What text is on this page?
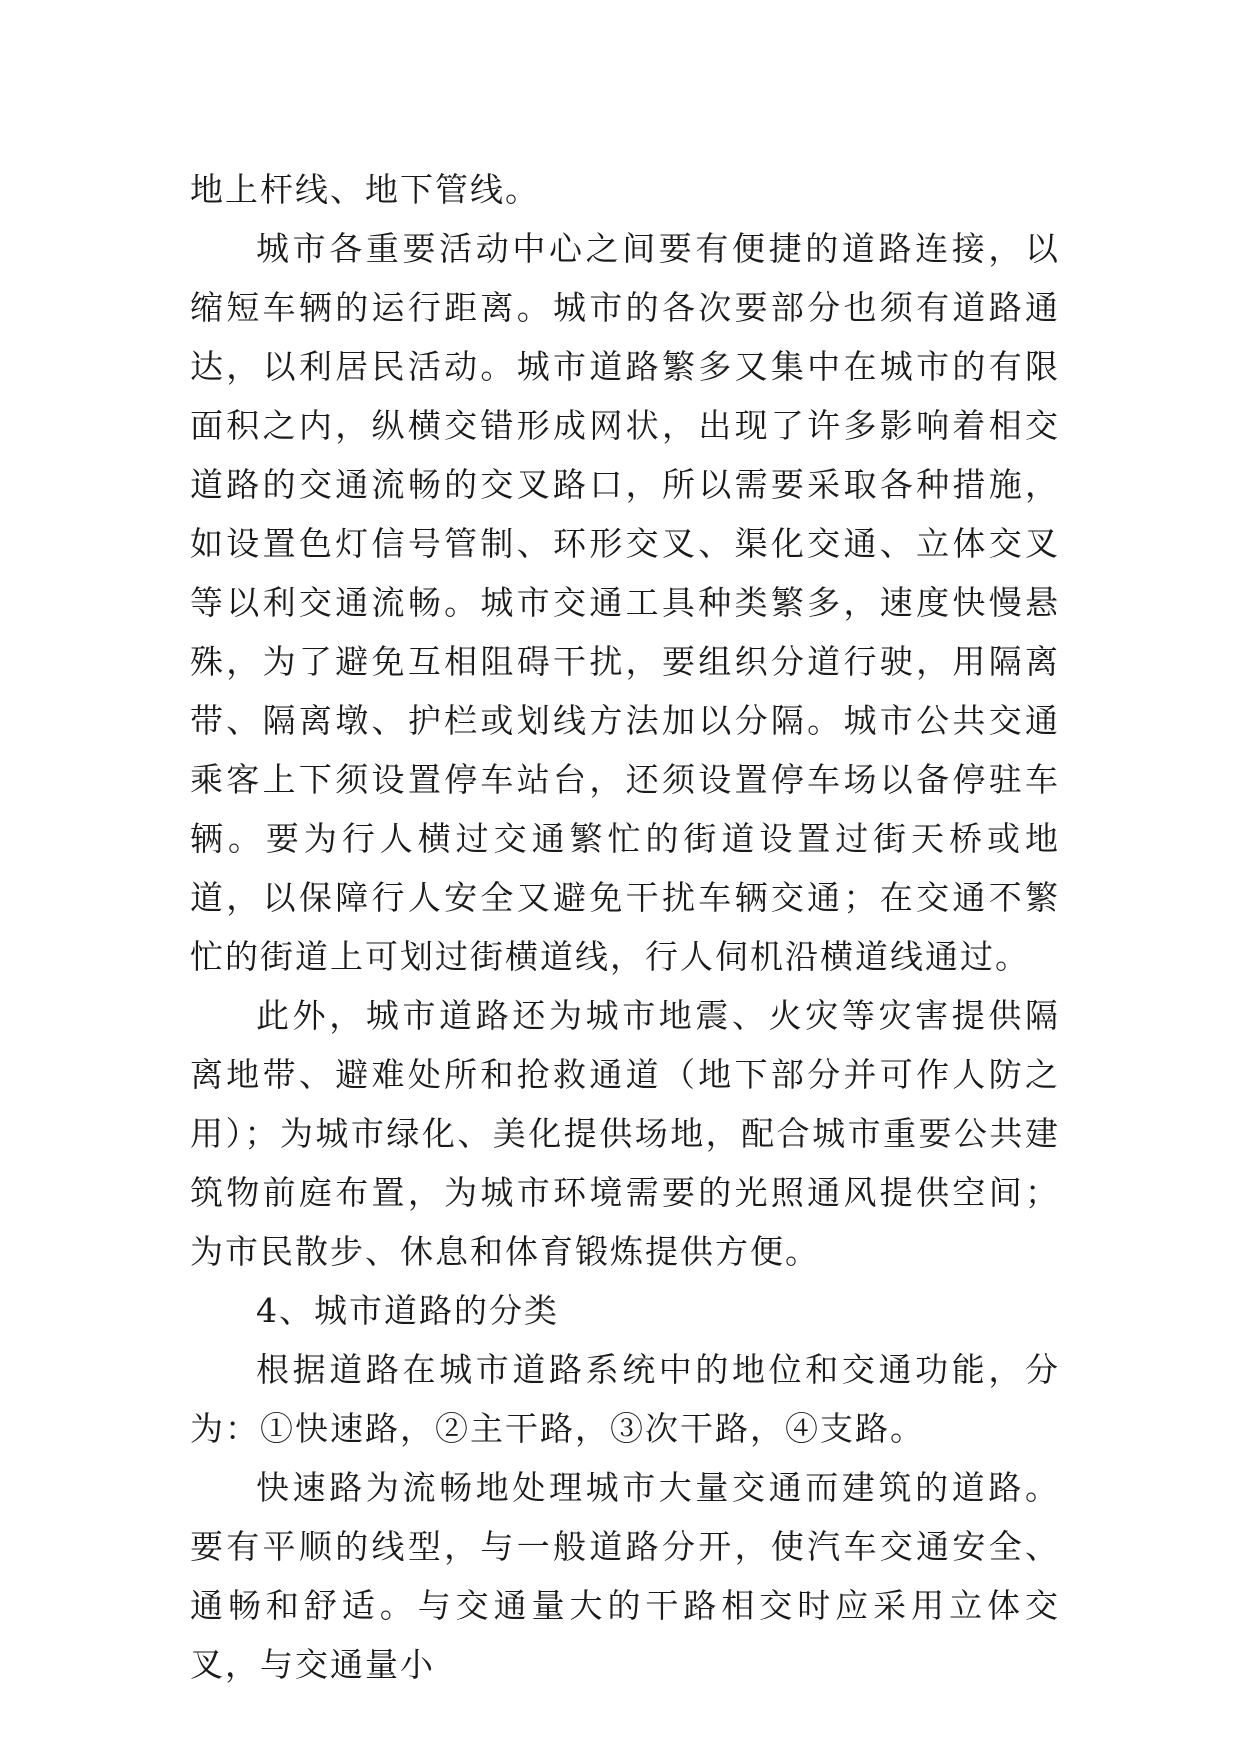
地上杆线、地下管线。

城市各重要活动中心之间要有便捷的道路连接，以缩短车辆的运行距离。城市的各次要部分也须有道路通达，以利居民活动。城市道路繁多又集中在城市的有限面积之内，纵横交错形成网状，出现了许多影响着相交道路的交通流畅的交叉路口，所以需要采取各种措施，如设置色灯信号管制、环形交叉、渠化交通、立体交叉等以利交通流畅。城市交通工具种类繁多，速度快慢悬殊，为了避免互相阻碍干扰，要组织分道行驶，用隔离带、隔离墩、护栏或划线方法加以分隔。城市公共交通乘客上下须设置停车站台，还须设置停车场以备停驻车辆。要为行人横过交通繁忙的街道设置过街天桥或地道，以保障行人安全又避免干扰车辆交通；在交通不繁忙的街道上可划过街横道线，行人伺机沿横道线通过。

此外，城市道路还为城市地震、火灾等灾害提供隔离地带、避难处所和抢救通道（地下部分并可作人防之用）；为城市绿化、美化提供场地，配合城市重要公共建筑物前庭布置，为城市环境需要的光照通风提供空间；为市民散步、休息和体育锻炼提供方便。

4、城市道路的分类

根据道路在城市道路系统中的地位和交通功能，分为：①快速路，②主干路，③次干路，④支路。

快速路为流畅地处理城市大量交通而建筑的道路。要有平顺的线型，与一般道路分开，使汽车交通安全、通畅和舒适。与交通量大的干路相交时应采用立体交叉，与交通量小
